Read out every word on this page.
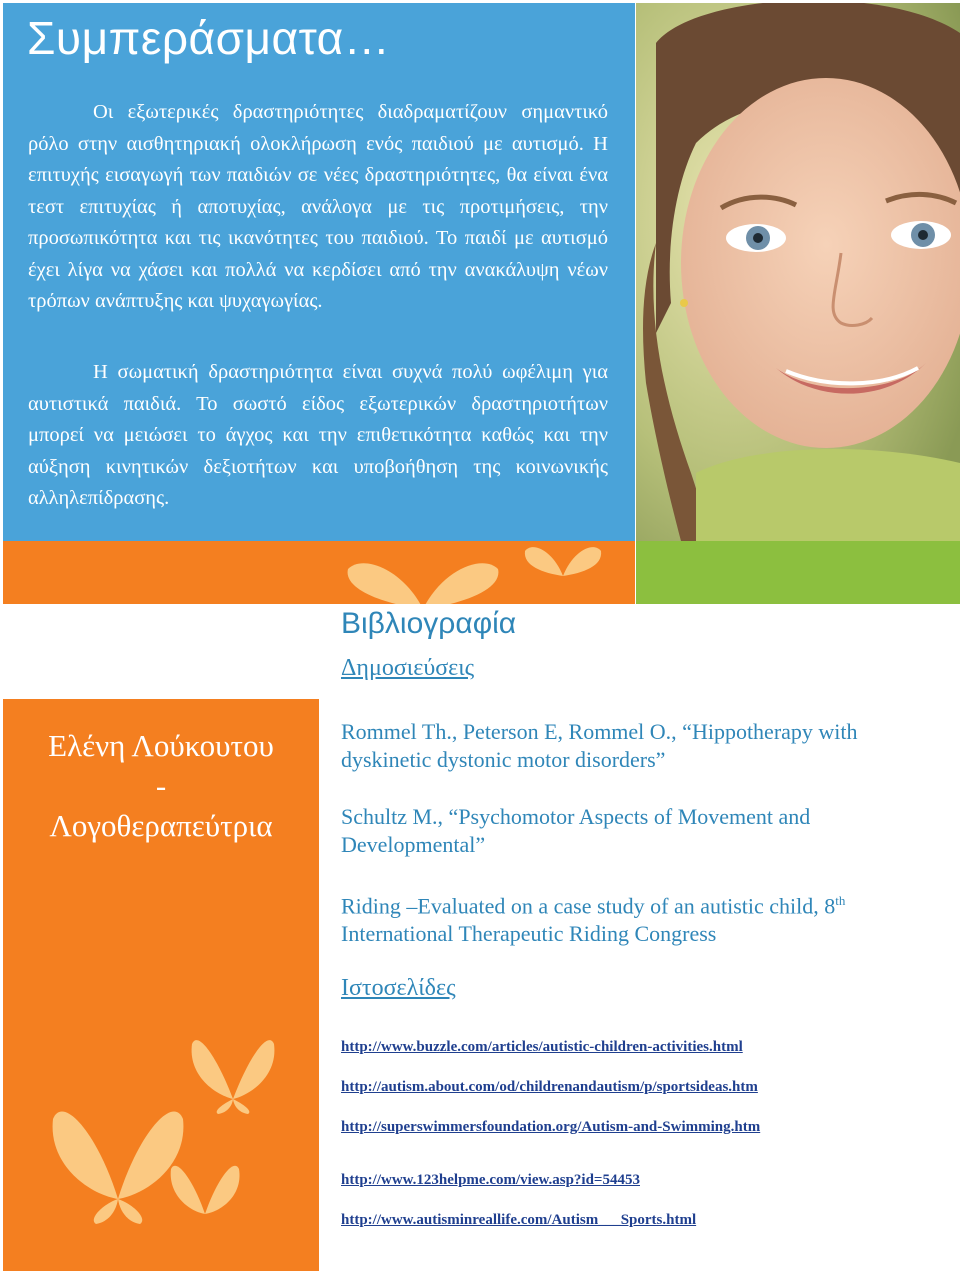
Συμπεράσματα…

Οι εξωτερικές δραστηριότητες διαδραματίζουν σημαντικό ρόλο στην αισθητηριακή ολοκλήρωση ενός παιδιού με αυτισμό. Η επιτυχής εισαγωγή των παιδιών σε νέες δραστηριότητες, θα είναι ένα τεστ επιτυχίας ή αποτυχίας, ανάλογα με τις προτιμήσεις, την προσωπικότητα και τις ικανότητες του παιδιού. Το παιδί με αυτισμό έχει λίγα να χάσει και πολλά να κερδίσει από την ανακάλυψη νέων τρόπων ανάπτυξης και ψυχαγωγίας.

Η σωματική δραστηριότητα είναι συχνά πολύ ωφέλιμη για αυτιστικά παιδιά. Το σωστό είδος εξωτερικών δραστηριοτήτων μπορεί να μειώσει το άγχος και την επιθετικότητα καθώς και την αύξηση κινητικών δεξιοτήτων και υποβοήθηση της κοινωνικής αλληλεπίδρασης.

Ελένη Λούκουτου
-
Λογοθεραπεύτρια
Βιβλιογραφία
Δημοσιεύσεις

Rommel Th., Peterson E, Rommel O., “Hippotherapy with dyskinetic dystonic motor disorders”

Schultz M., “Psychomotor Aspects of Movement and Developmental”

Riding –Evaluated on a case study of an autistic child, 8th International Therapeutic Riding Congress

Ιστοσελίδες
http://www.buzzle.com/articles/autistic-children-activities.html
http://autism.about.com/od/childrenandautism/p/sportsideas.htm
http://superswimmersfoundation.org/Autism-and-Swimming.htm
http://www.123helpme.com/view.asp?id=54453
http://www.autisminreallife.com/Autism___Sports.html
